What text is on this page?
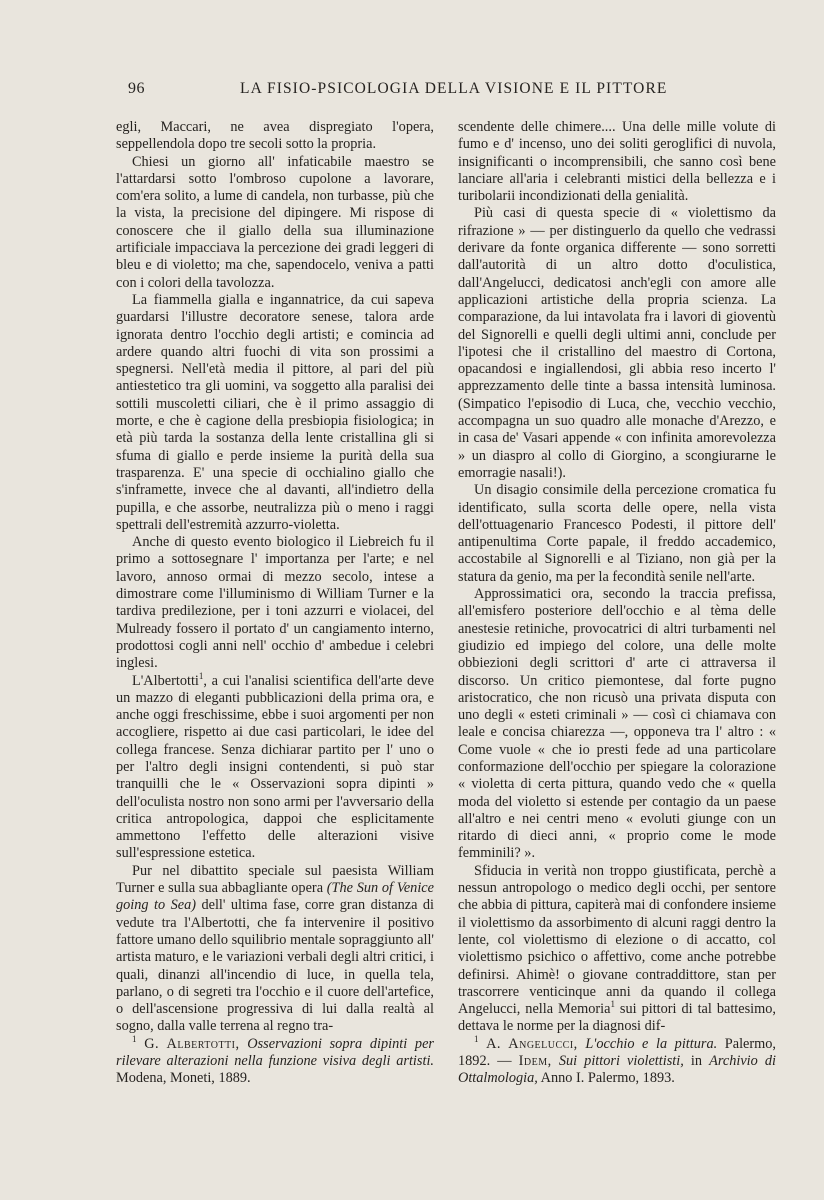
96	LA FISIO-PSICOLOGIA DELLA VISIONE E IL PITTORE

egli, Maccari, ne avea dispregiato l'opera, seppellendola dopo tre secoli sotto la propria.

Chiesi un giorno all' infaticabile maestro se l'attardarsi sotto l'ombroso cupolone a lavorare, com'era solito, a lume di candela, non turbasse, più che la vista, la precisione del dipingere. Mi rispose di conoscere che il giallo della sua illuminazione artificiale impacciava la percezione dei gradi leggeri di bleu e di violetto; ma che, sapendocelo, veniva a patti con i colori della tavolozza.

La fiammella gialla e ingannatrice, da cui sapeva guardarsi l'illustre decoratore senese, talora arde ignorata dentro l'occhio degli artisti; e comincia ad ardere quando altri fuochi di vita son prossimi a spegnersi. Nell'età media il pittore, al pari del più antiestetico tra gli uomini, va soggetto alla paralisi dei sottili muscoletti ciliari, che è il primo assaggio di morte, e che è cagione della presbiopia fisiologica; in età più tarda la sostanza della lente cristallina gli si sfuma di giallo e perde insieme la purità della sua trasparenza. E' una specie di occhialino giallo che s'inframette, invece che al davanti, all'indietro della pupilla, e che assorbe, neutralizza più o meno i raggi spettrali dell'estremità azzurro-violetta.

Anche di questo evento biologico il Liebreich fu il primo a sottosegnare l' importanza per l'arte; e nel lavoro, annoso ormai di mezzo secolo, intese a dimostrare come l'illuminismo di William Turner e la tardiva predilezione, per i toni azzurri e violacei, del Mulready fossero il portato d' un cangiamento interno, prodottosi cogli anni nell' occhio d' ambedue i celebri inglesi.

L'Albertotti$^1$, a cui l'analisi scientifica dell'arte deve un mazzo di eleganti pubblicazioni della prima ora, e anche oggi freschissime, ebbe i suoi argomenti per non accogliere, rispetto ai due casi particolari, le idee del collega francese. Senza dichiarar partito per l' uno o per l'altro degli insigni contendenti, si può star tranquilli che le « Osservazioni sopra dipinti » dell'oculista nostro non sono armi per l'avversario della critica antropologica, dappoi che esplicitamente ammettono l'effetto delle alterazioni visive sull'espressione estetica.

Pur nel dibattito speciale sul paesista William Turner e sulla sua abbagliante opera (The Sun of Venice going to Sea) dell' ultima fase, corre gran distanza di vedute tra l'Albertotti, che fa intervenire il positivo fattore umano dello squilibrio mentale sopraggiunto all' artista maturo, e le variazioni verbali degli altri critici, i quali, dinanzi all'incendio di luce, in quella tela, parlano, o di segreti tra l'occhio e il cuore dell'artefice, o dell'ascensione progressiva di lui dalla realtà al sogno, dalla valle terrena al regno tra-

$^1$ G. Albertotti, Osservazioni sopra dipinti per rilevare alterazioni nella funzione visiva degli artisti. Modena, Moneti, 1889.

scendente delle chimere.... Una delle mille volute di fumo e d' incenso, uno dei soliti geroglifici di nuvola, insignificanti o incomprensibili, che sanno così bene lanciare all'aria i celebranti mistici della bellezza e i turibolarii incondizionati della genialità.

Più casi di questa specie di « violettismo da rifrazione » — per distinguerlo da quello che vedrassi derivare da fonte organica differente — sono sorretti dall'autorità di un altro dotto d'oculistica, dall'Angelucci, dedicatosi anch'egli con amore alle applicazioni artistiche della propria scienza. La comparazione, da lui intavolata fra i lavori di gioventù del Signorelli e quelli degli ultimi anni, conclude per l'ipotesi che il cristallino del maestro di Cortona, opacandosi e ingiallendosi, gli abbia reso incerto l' apprezzamento delle tinte a bassa intensità luminosa. (Simpatico l'episodio di Luca, che, vecchio vecchio, accompagna un suo quadro alle monache d'Arezzo, e in casa de' Vasari appende « con infinita amorevolezza » un diaspro al collo di Giorgino, a scongiurarne le emorragie nasali!).

Un disagio consimile della percezione cromatica fu identificato, sulla scorta delle opere, nella vista dell'ottuagenario Francesco Podesti, il pittore dell' antipenultima Corte papale, il freddo accademico, accostabile al Signorelli e al Tiziano, non già per la statura da genio, ma per la fecondità senile nell'arte.

Approssimatici ora, secondo la traccia prefissa, all'emisfero posteriore dell'occhio e al tèma delle anestesie retiniche, provocatrici di altri turbamenti nel giudizio ed impiego del colore, una delle molte obbiezioni degli scrittori d' arte ci attraversa il discorso. Un critico piemontese, dal forte pugno aristocratico, che non ricusò una privata disputa con uno degli « esteti criminali » — così ci chiamava con leale e concisa chiarezza —, opponeva tra l' altro : « Come vuole « che io presti fede ad una particolare conformazione dell'occhio per spiegare la colorazione « violetta di certa pittura, quando vedo che « quella moda del violetto si estende per contagio da un paese all'altro e nei centri meno « evoluti giunge con un ritardo di dieci anni, « proprio come le mode femminili? ».

Sfiducia in verità non troppo giustificata, perchè a nessun antropologo o medico degli occhi, per sentore che abbia di pittura, capiterà mai di confondere insieme il violettismo da assorbimento di alcuni raggi dentro la lente, col violettismo di elezione o di accatto, col violettismo psichico o affettivo, come anche potrebbe definirsi. Ahimè! o giovane contraddittore, stan per trascorrere venticinque anni da quando il collega Angelucci, nella Memoria$^1$ sui pittori di tal battesimo, dettava le norme per la diagnosi dif-

$^1$ A. Angelucci, L'occhio e la pittura. Palermo, 1892. — Idem, Sui pittori violettisti, in Archivio di Ottalmologia, Anno I. Palermo, 1893.
